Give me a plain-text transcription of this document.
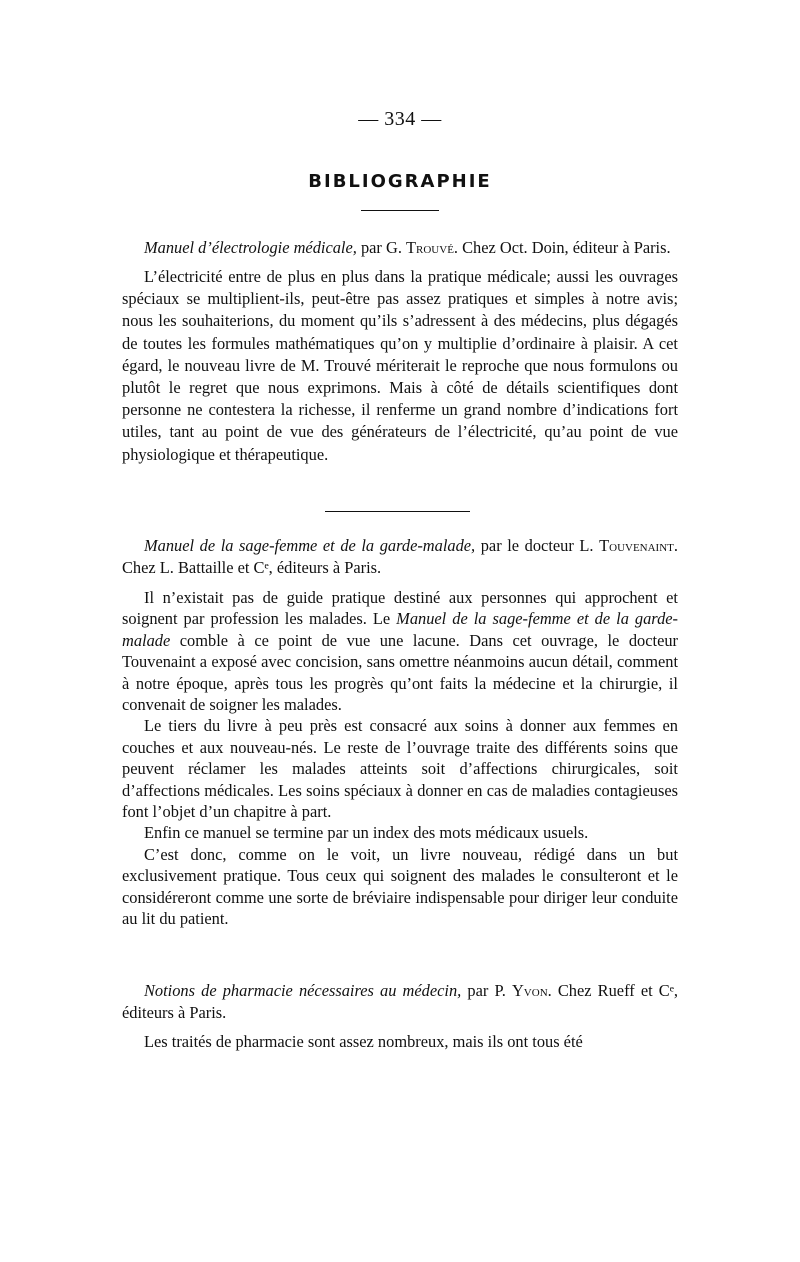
— 334 —
BIBLIOGRAPHIE

Manuel d’électrologie médicale, par G. Trouvé. Chez Oct. Doin, éditeur à Paris.

L’électricité entre de plus en plus dans la pratique médicale; aussi les ouvrages spéciaux se multiplient-ils, peut-être pas assez pratiques et simples à notre avis; nous les souhaiterions, du moment qu’ils s’adressent à des médecins, plus dégagés de toutes les formules mathématiques qu’on y multiplie d’ordinaire à plaisir. A cet égard, le nouveau livre de M. Trouvé mériterait le reproche que nous formulons ou plutôt le regret que nous exprimons. Mais à côté de détails scientifiques dont personne ne contestera la richesse, il renferme un grand nombre d’indications fort utiles, tant au point de vue des générateurs de l’électricité, qu’au point de vue physiologique et thérapeutique.

Manuel de la sage-femme et de la garde-malade, par le docteur L. Touvenaint. Chez L. Battaille et Cᵉ, éditeurs à Paris.

Il n’existait pas de guide pratique destiné aux personnes qui approchent et soignent par profession les malades. Le Manuel de la sage-femme et de la garde-malade comble à ce point de vue une lacune. Dans cet ouvrage, le docteur Touvenaint a exposé avec concision, sans omettre néanmoins aucun détail, comment à notre époque, après tous les progrès qu’ont faits la médecine et la chirurgie, il convenait de soigner les malades.

Le tiers du livre à peu près est consacré aux soins à donner aux femmes en couches et aux nouveau-nés. Le reste de l’ouvrage traite des différents soins que peuvent réclamer les malades atteints soit d’affections chirurgicales, soit d’affections médicales. Les soins spéciaux à donner en cas de maladies contagieuses font l’objet d’un chapitre à part.

Enfin ce manuel se termine par un index des mots médicaux usuels.

C’est donc, comme on le voit, un livre nouveau, rédigé dans un but exclusivement pratique. Tous ceux qui soignent des malades le consulteront et le considéreront comme une sorte de bréviaire indispensable pour diriger leur conduite au lit du patient.

Notions de pharmacie nécessaires au médecin, par P. Yvon. Chez Rueff et Cᵉ, éditeurs à Paris.

Les traités de pharmacie sont assez nombreux, mais ils ont tous été
